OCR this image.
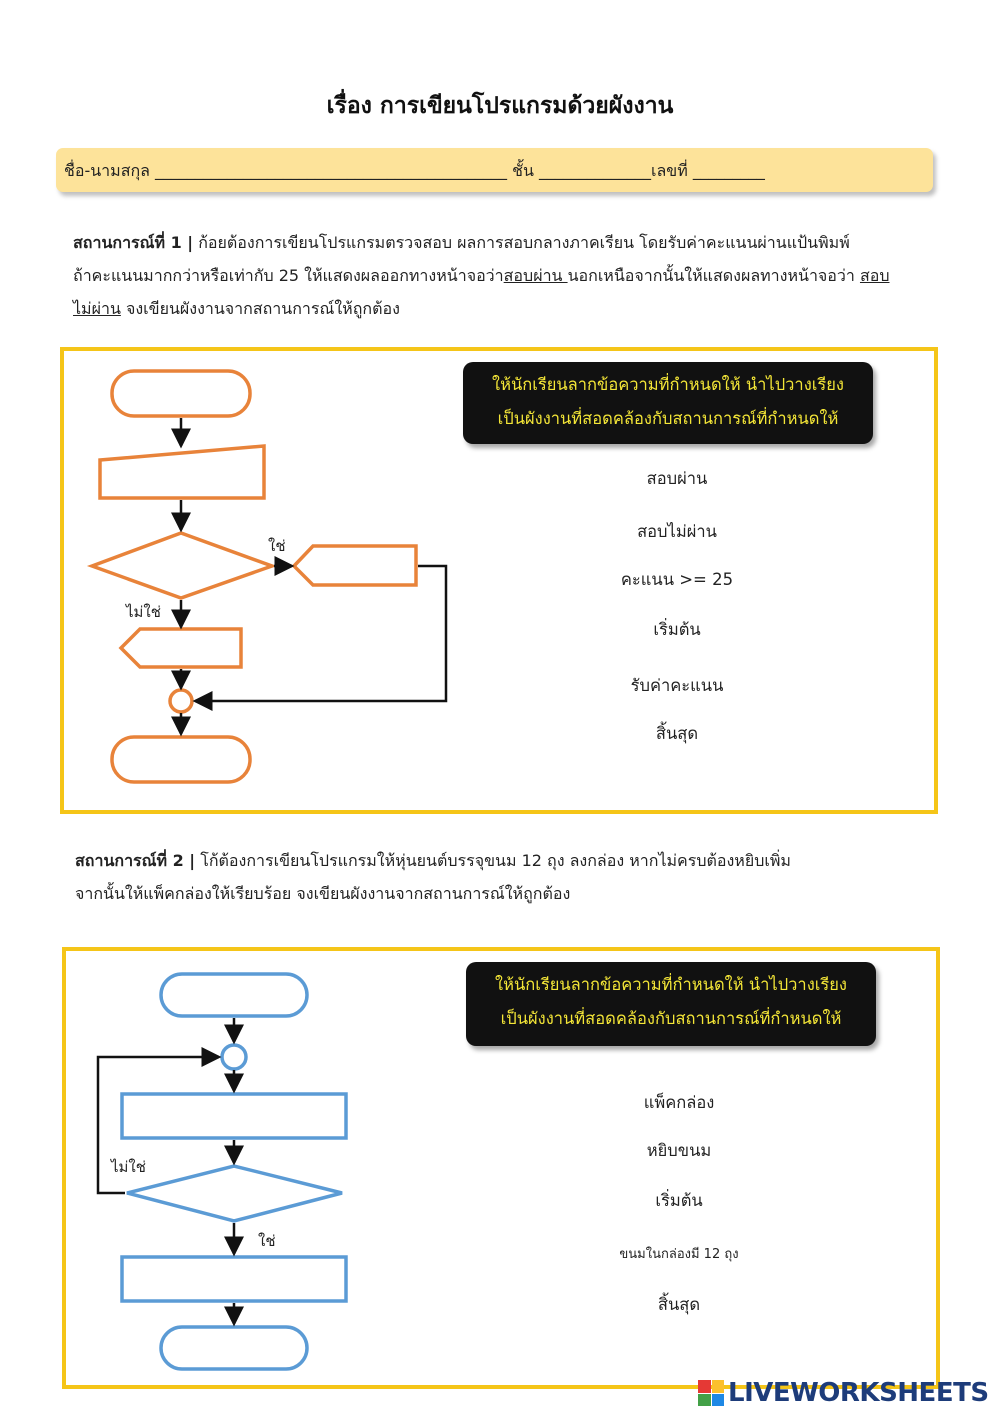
เรื่อง การเขียนโปรแกรมด้วยผังงาน
ชื่อ-นามสกุล ____________________________________________ ชั้น ______________เลขที่ _________
สถานการณ์ที่ 1 | ก้อยต้องการเขียนโปรแกรมตรวจสอบ ผลการสอบกลางภาคเรียน โดยรับค่าคะแนนผ่านแป้นพิมพ์
ถ้าคะแนนมากกว่าหรือเท่ากับ 25 ให้แสดงผลออกทางหน้าจอว่าสอบผ่าน นอกเหนือจากนั้นให้แสดงผลทางหน้าจอว่า สอบ
ไม่ผ่าน จงเขียนผังงานจากสถานการณ์ให้ถูกต้อง
ใช่
ไม่ใช่
ให้นักเรียนลากข้อความที่กำหนดให้ นำไปวางเรียง
เป็นผังงานที่สอดคล้องกับสถานการณ์ที่กำหนดให้
สอบผ่าน
สอบไม่ผ่าน
คะแนน >= 25
เริ่มต้น
รับค่าคะแนน
สิ้นสุด
สถานการณ์ที่ 2 | โก้ต้องการเขียนโปรแกรมให้หุ่นยนต์บรรจุขนม 12 ถุง ลงกล่อง หากไม่ครบต้องหยิบเพิ่ม
จากนั้นให้แพ็คกล่องให้เรียบร้อย จงเขียนผังงานจากสถานการณ์ให้ถูกต้อง
ไม่ใช่
ใช่
ให้นักเรียนลากข้อความที่กำหนดให้ นำไปวางเรียง
เป็นผังงานที่สอดคล้องกับสถานการณ์ที่กำหนดให้
แพ็คกล่อง
หยิบขนม
เริ่มต้น
ขนมในกล่องมี 12 ถุง
สิ้นสุด
LIVEWORKSHEETS
